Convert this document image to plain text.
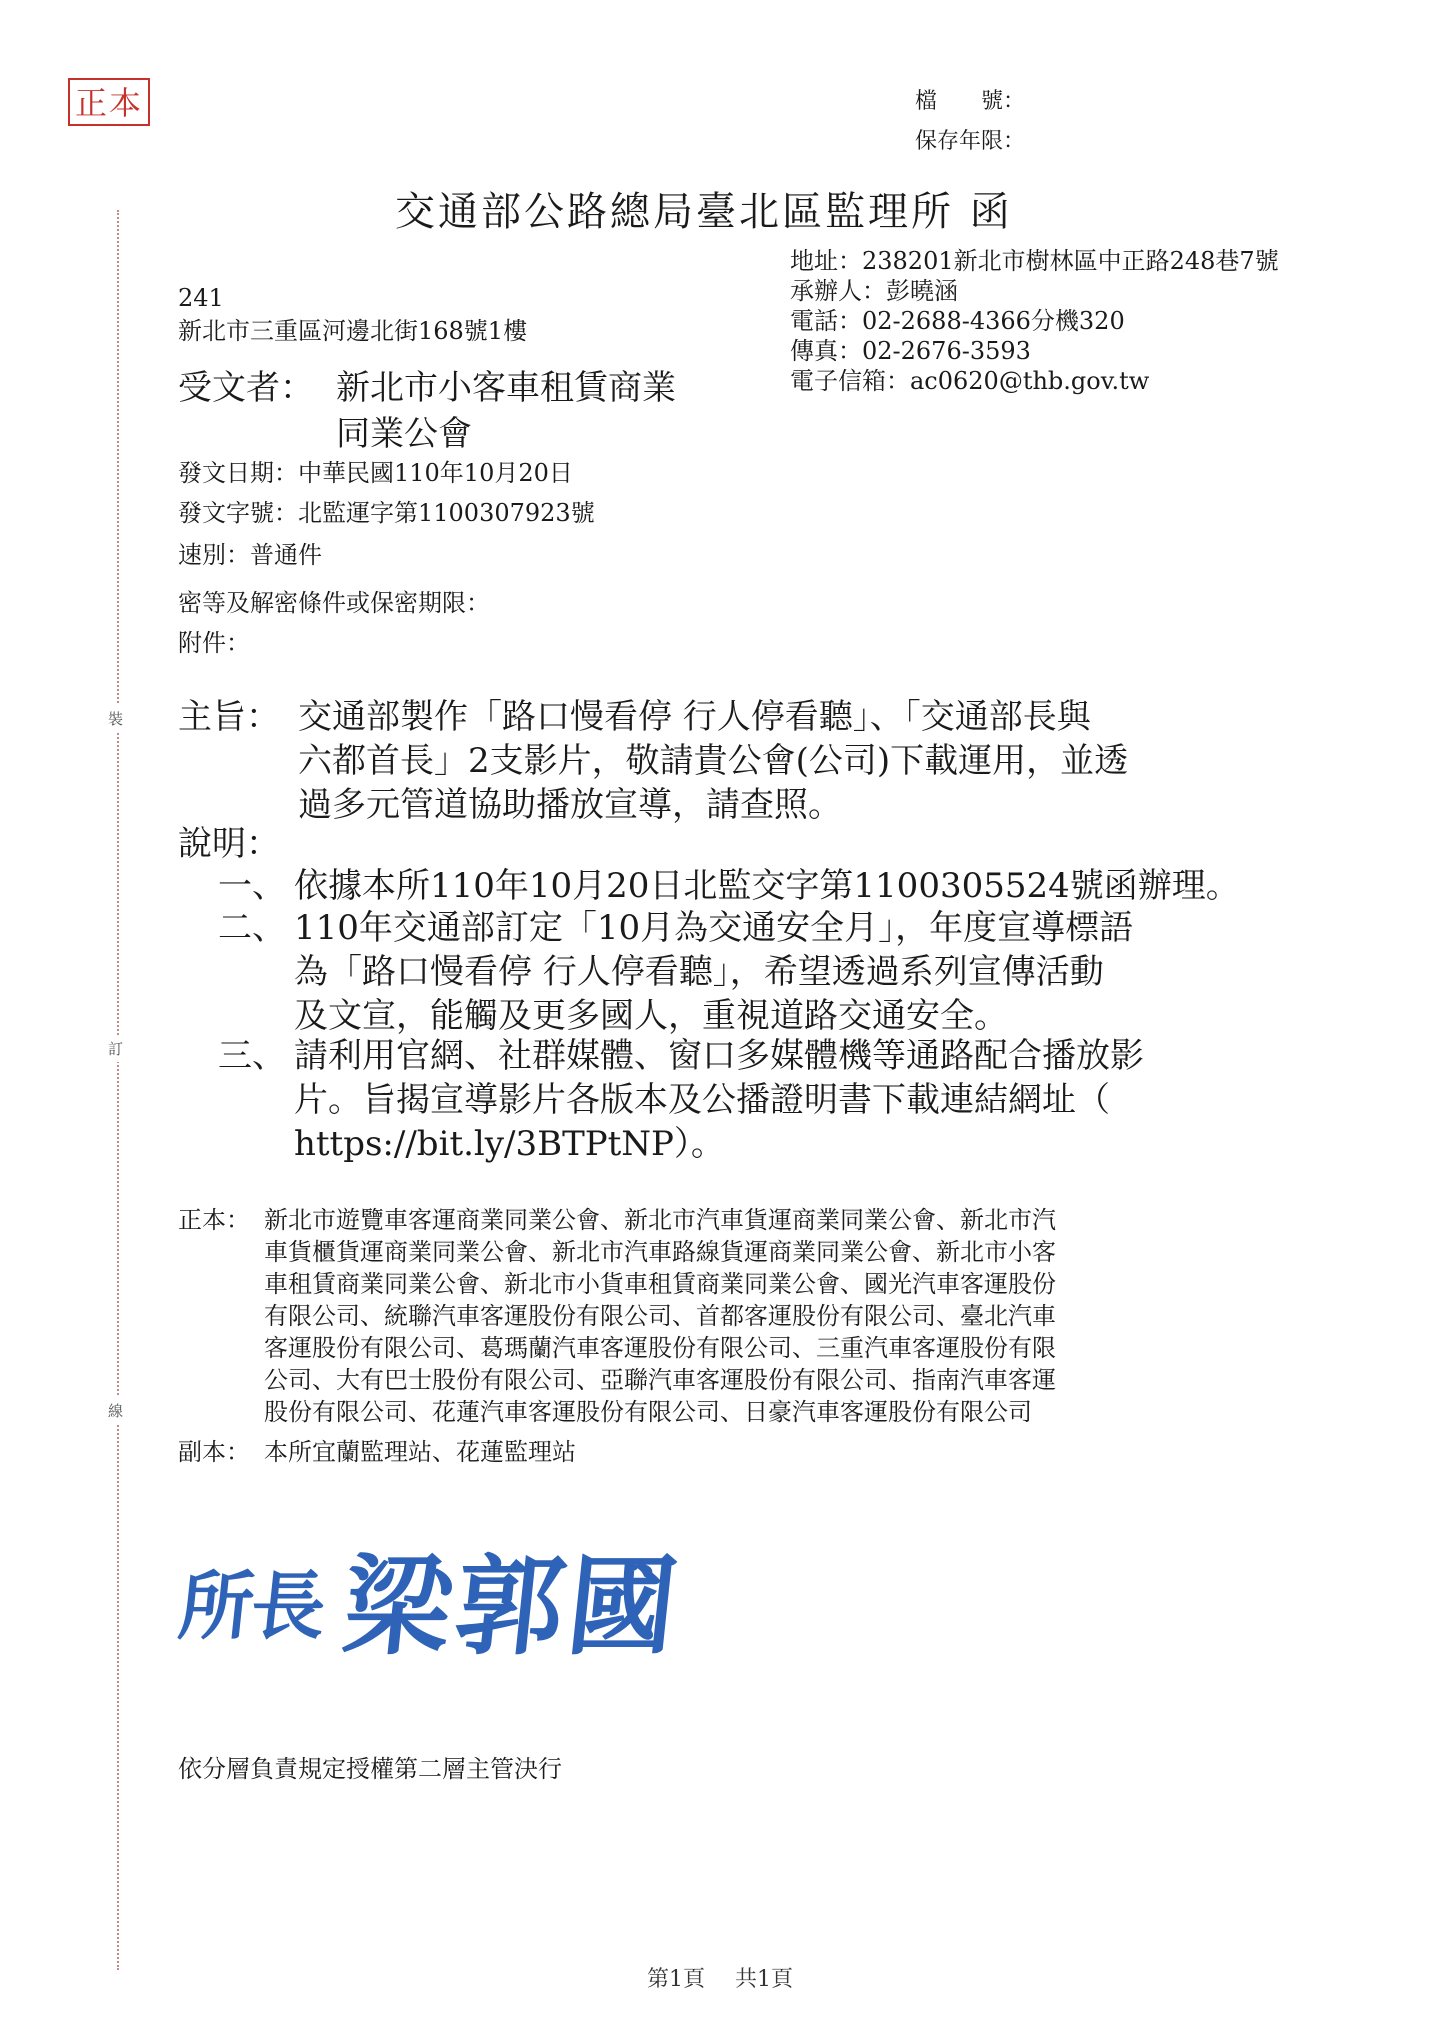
正本	檔　　號：
保存年限：
交通部公路總局臺北區監理所 函
裝
訂
線
地址：238201新北市樹林區中正路248巷7號
承辦人：彭曉涵
電話：02-2688-4366分機320
傳真：02-2676-3593
電子信箱：ac0620@thb.gov.tw
241
新北市三重區河邊北街168號1樓
受文者： 新北市小客車租賃商業
同業公會
發文日期：中華民國110年10月20日
發文字號：北監運字第1100307923號
速別：普通件
密等及解密條件或保密期限：
附件：
主旨： 交通部製作「路口慢看停 行人停看聽」、「交通部長與
六都首長」2支影片，敬請貴公會(公司)下載運用，並透
過多元管道協助播放宣導，請查照。
說明：
一、 依據本所110年10月20日北監交字第1100305524號函辦理。
二、 110年交通部訂定「10月為交通安全月」，年度宣導標語
為「路口慢看停 行人停看聽」，希望透過系列宣傳活動
及文宣，能觸及更多國人，重視道路交通安全。
三、 請利用官網、社群媒體、窗口多媒體機等通路配合播放影
片。旨揭宣導影片各版本及公播證明書下載連結網址（
https://bit.ly/3BTPtNP）。
正本： 新北市遊覽車客運商業同業公會、新北市汽車貨運商業同業公會、新北市汽
車貨櫃貨運商業同業公會、新北市汽車路線貨運商業同業公會、新北市小客
車租賃商業同業公會、新北市小貨車租賃商業同業公會、國光汽車客運股份
有限公司、統聯汽車客運股份有限公司、首都客運股份有限公司、臺北汽車
客運股份有限公司、葛瑪蘭汽車客運股份有限公司、三重汽車客運股份有限
公司、大有巴士股份有限公司、亞聯汽車客運股份有限公司、指南汽車客運
股份有限公司、花蓮汽車客運股份有限公司、日豪汽車客運股份有限公司
副本： 本所宜蘭監理站、花蓮監理站
所長 梁郭國
依分層負責規定授權第二層主管決行
第1頁 共1頁
